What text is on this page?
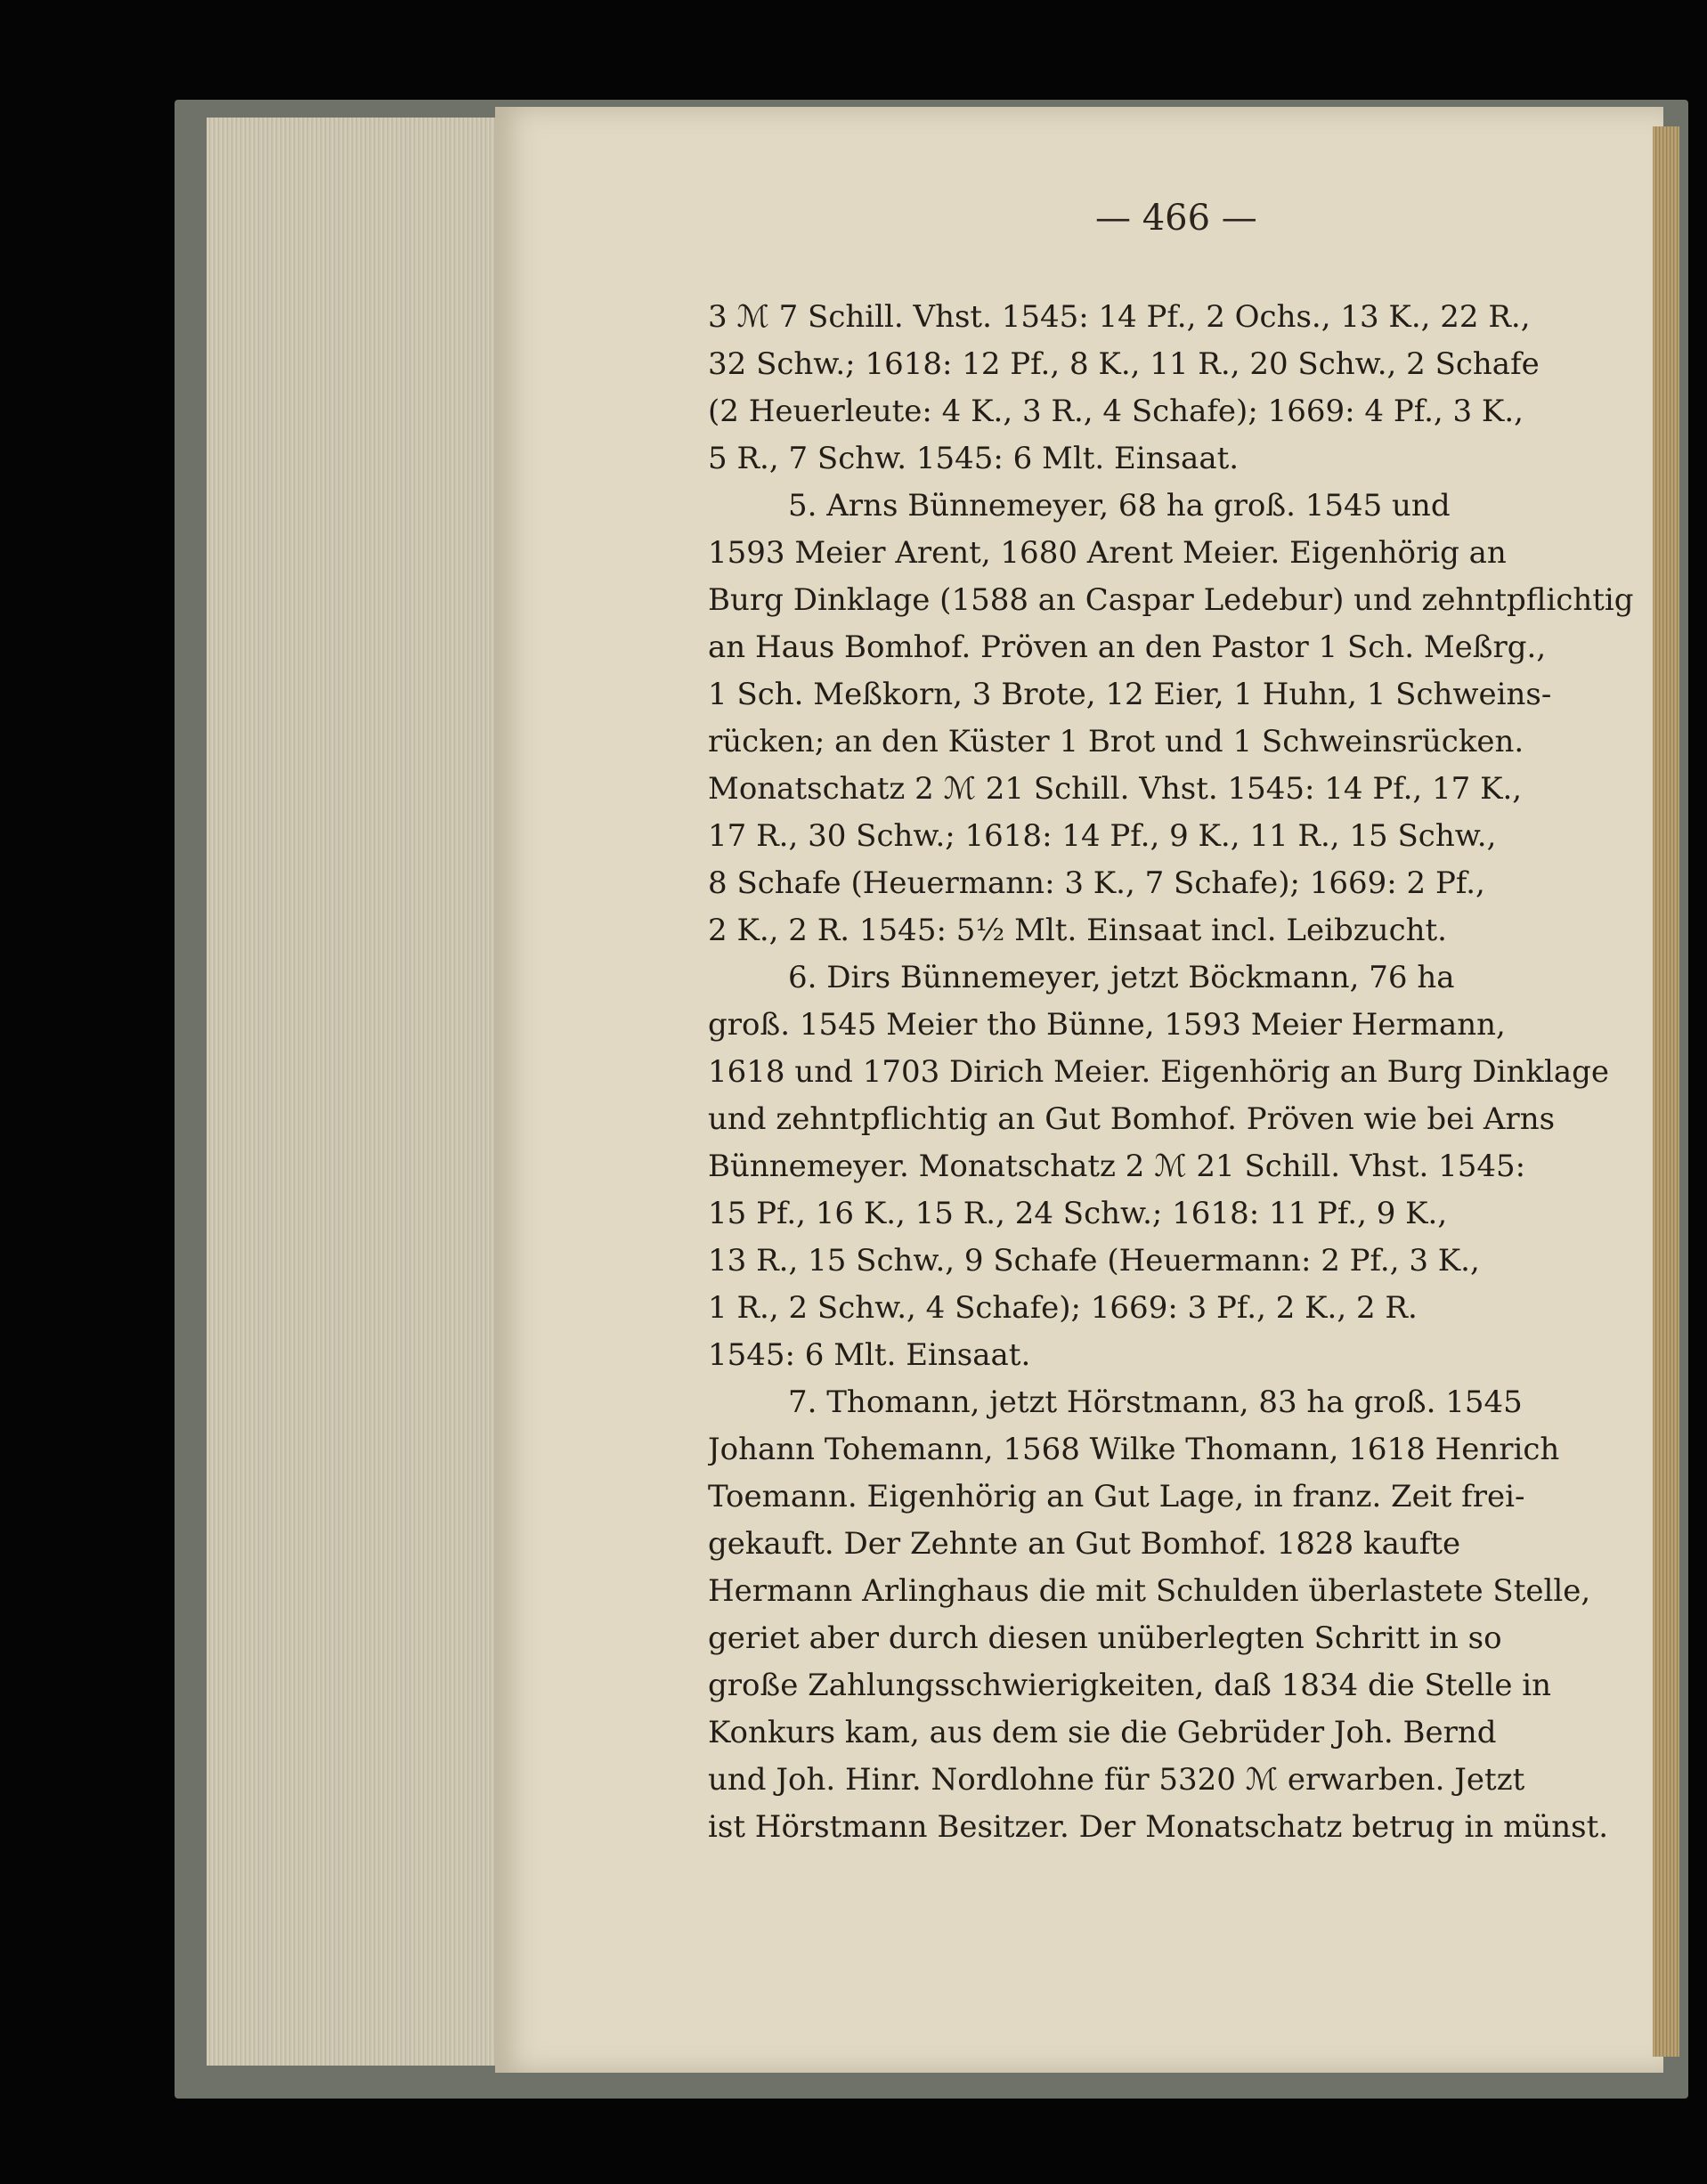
— 466 —
3 ℳ 7 Schill. Vhst. 1545: 14 Pf., 2 Ochs., 13 K., 22 R.,
32 Schw.; 1618: 12 Pf., 8 K., 11 R., 20 Schw., 2 Schafe
(2 Heuerleute: 4 K., 3 R., 4 Schafe); 1669: 4 Pf., 3 K.,
5 R., 7 Schw. 1545: 6 Mlt. Einsaat.
5. Arns Bünnemeyer, 68 ha groß. 1545 und
1593 Meier Arent, 1680 Arent Meier. Eigenhörig an
Burg Dinklage (1588 an Caspar Ledebur) und zehntpflichtig
an Haus Bomhof. Pröven an den Pastor 1 Sch. Meßrg.,
1 Sch. Meßkorn, 3 Brote, 12 Eier, 1 Huhn, 1 Schweins-
rücken; an den Küster 1 Brot und 1 Schweinsrücken.
Monatschatz 2 ℳ 21 Schill. Vhst. 1545: 14 Pf., 17 K.,
17 R., 30 Schw.; 1618: 14 Pf., 9 K., 11 R., 15 Schw.,
8 Schafe (Heuermann: 3 K., 7 Schafe); 1669: 2 Pf.,
2 K., 2 R. 1545: 5½ Mlt. Einsaat incl. Leibzucht.
6. Dirs Bünnemeyer, jetzt Böckmann, 76 ha
groß. 1545 Meier tho Bünne, 1593 Meier Hermann,
1618 und 1703 Dirich Meier. Eigenhörig an Burg Dinklage
und zehntpflichtig an Gut Bomhof. Pröven wie bei Arns
Bünnemeyer. Monatschatz 2 ℳ 21 Schill. Vhst. 1545:
15 Pf., 16 K., 15 R., 24 Schw.; 1618: 11 Pf., 9 K.,
13 R., 15 Schw., 9 Schafe (Heuermann: 2 Pf., 3 K.,
1 R., 2 Schw., 4 Schafe); 1669: 3 Pf., 2 K., 2 R.
1545: 6 Mlt. Einsaat.
7. Thomann, jetzt Hörstmann, 83 ha groß. 1545
Johann Tohemann, 1568 Wilke Thomann, 1618 Henrich
Toemann. Eigenhörig an Gut Lage, in franz. Zeit frei-
gekauft. Der Zehnte an Gut Bomhof. 1828 kaufte
Hermann Arlinghaus die mit Schulden überlastete Stelle,
geriet aber durch diesen unüberlegten Schritt in so
große Zahlungsschwierigkeiten, daß 1834 die Stelle in
Konkurs kam, aus dem sie die Gebrüder Joh. Bernd
und Joh. Hinr. Nordlohne für 5320 ℳ erwarben. Jetzt
ist Hörstmann Besitzer. Der Monatschatz betrug in münst.
